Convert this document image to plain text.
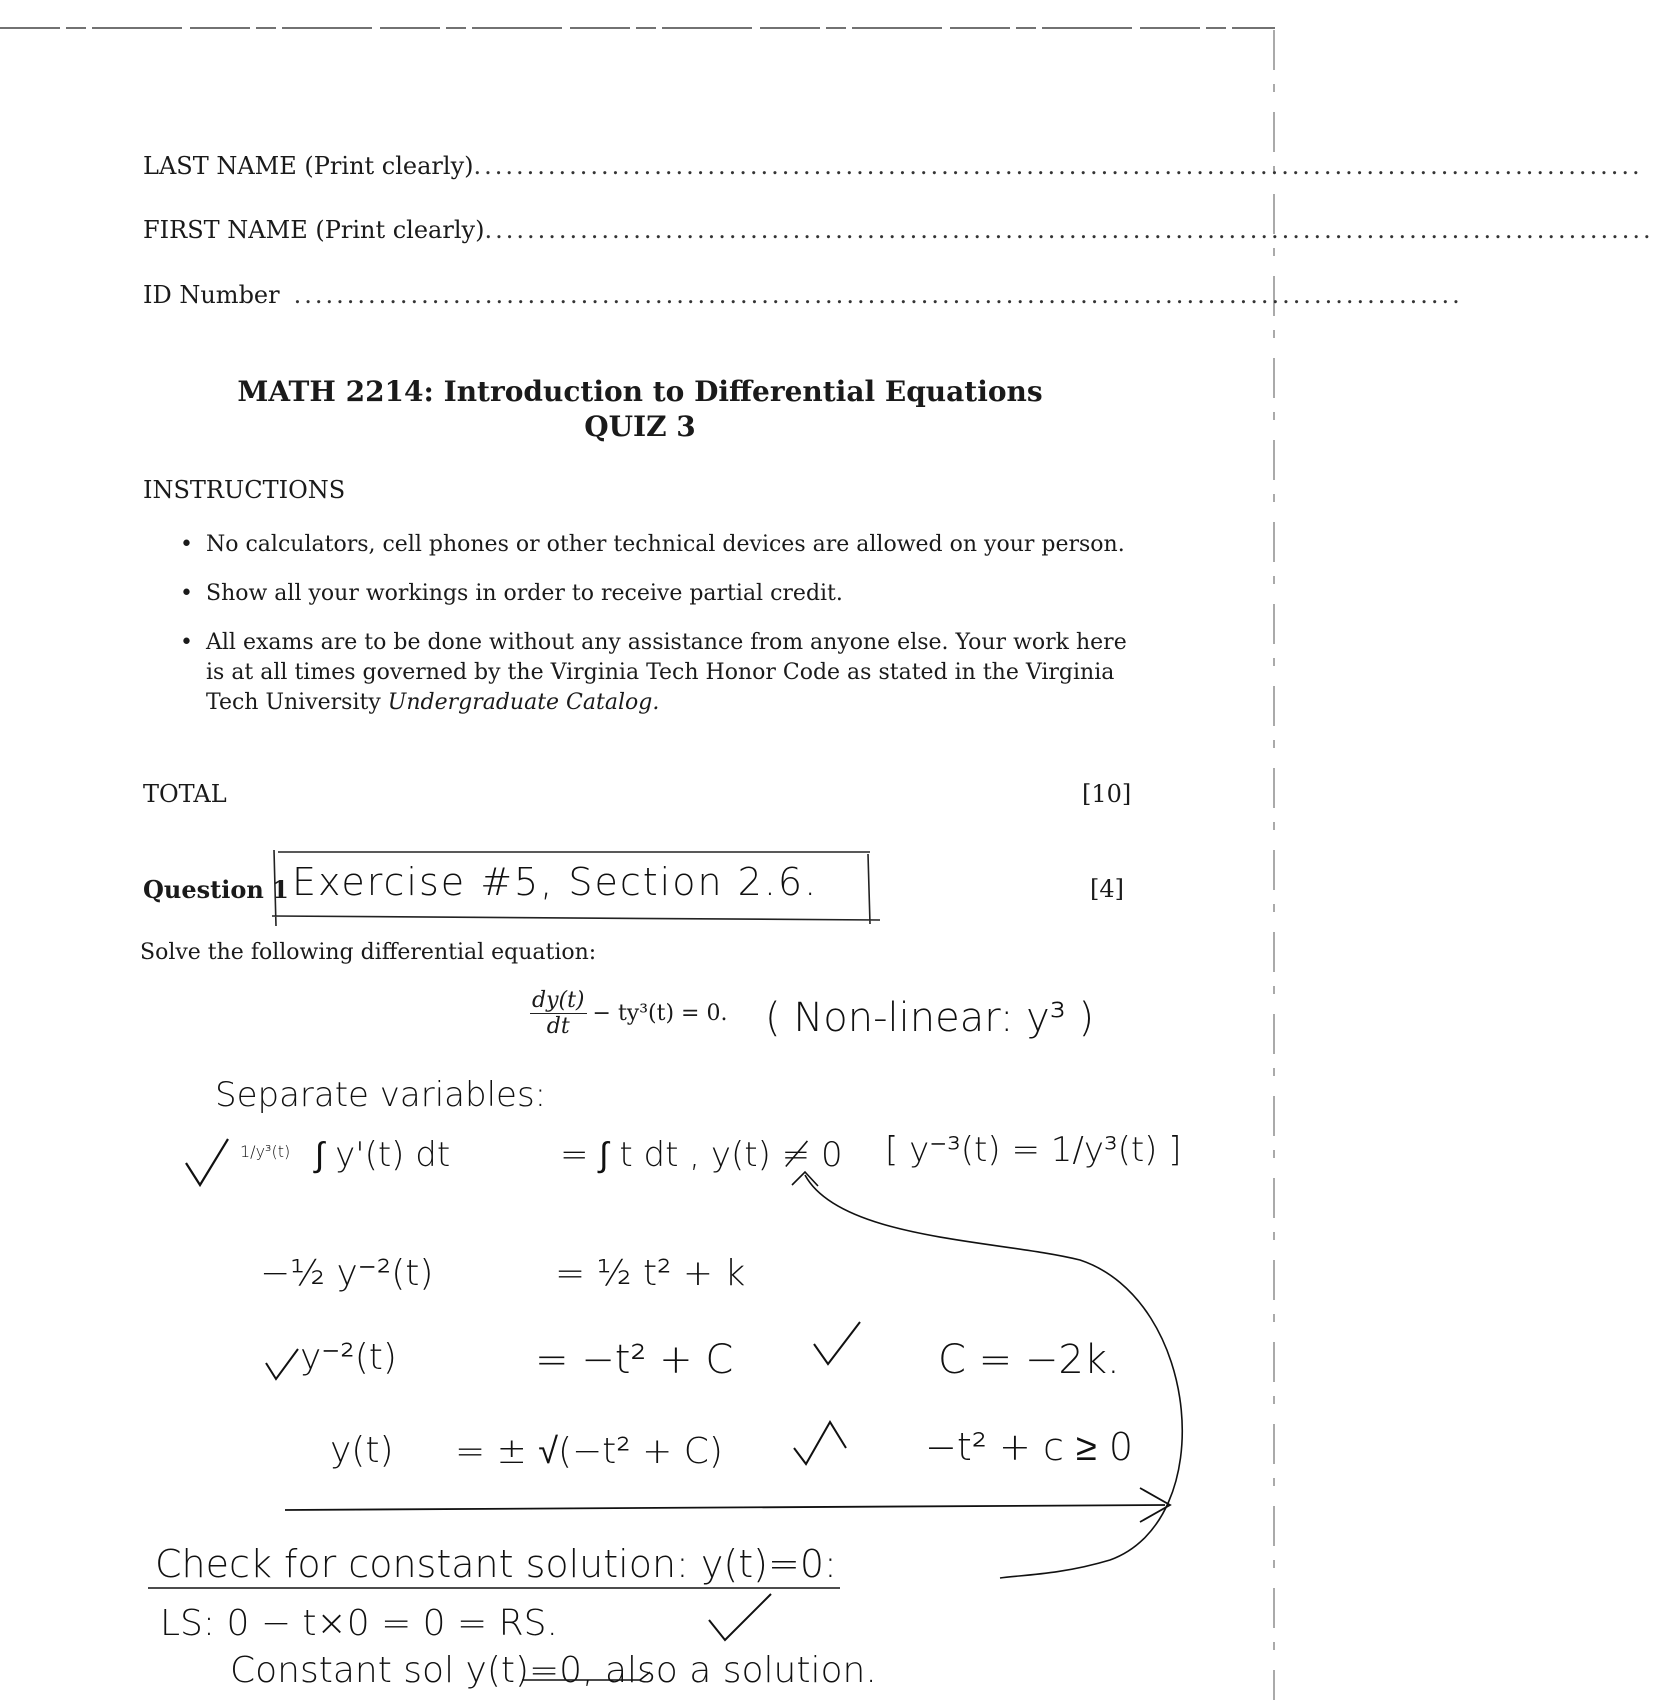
LAST NAME (Print clearly) ..............................................................................................................
FIRST NAME (Print clearly) ..............................................................................................................
ID Number ..............................................................................................................
MATH 2214: Introduction to Differential Equations
QUIZ 3
INSTRUCTIONS
• No calculators, cell phones or other technical devices are allowed on your person.
• Show all your workings in order to receive partial credit.
• All exams are to be done without any assistance from anyone else. Your work here is at all times governed by the Virginia Tech Honor Code as stated in the Virginia Tech University Undergraduate Catalog.
TOTAL	[10]
Question 1	[4]
Exercise #5, Section 2.6.
Solve the following differential equation:
$\frac{dy(t)}{dt} - ty^3(t) = 0$. ( Non-linear: y³ )
Separate variables:
1/y³(t) ∫ y'(t) dt	= ∫ t dt , y(t) ≠ 0 [ y⁻³(t) = 1/y³(t) ]
−½ y⁻²(t)	= ½ t² + k
y⁻²(t)	= −t² + C	C = −2k.
y(t) = ± √(−t² + C)	−t² + c ≥ 0
Check for constant solution: y(t)=0:
LS: 0 − t×0 = 0 = RS.
Constant sol y(t)=0, also a solution.
